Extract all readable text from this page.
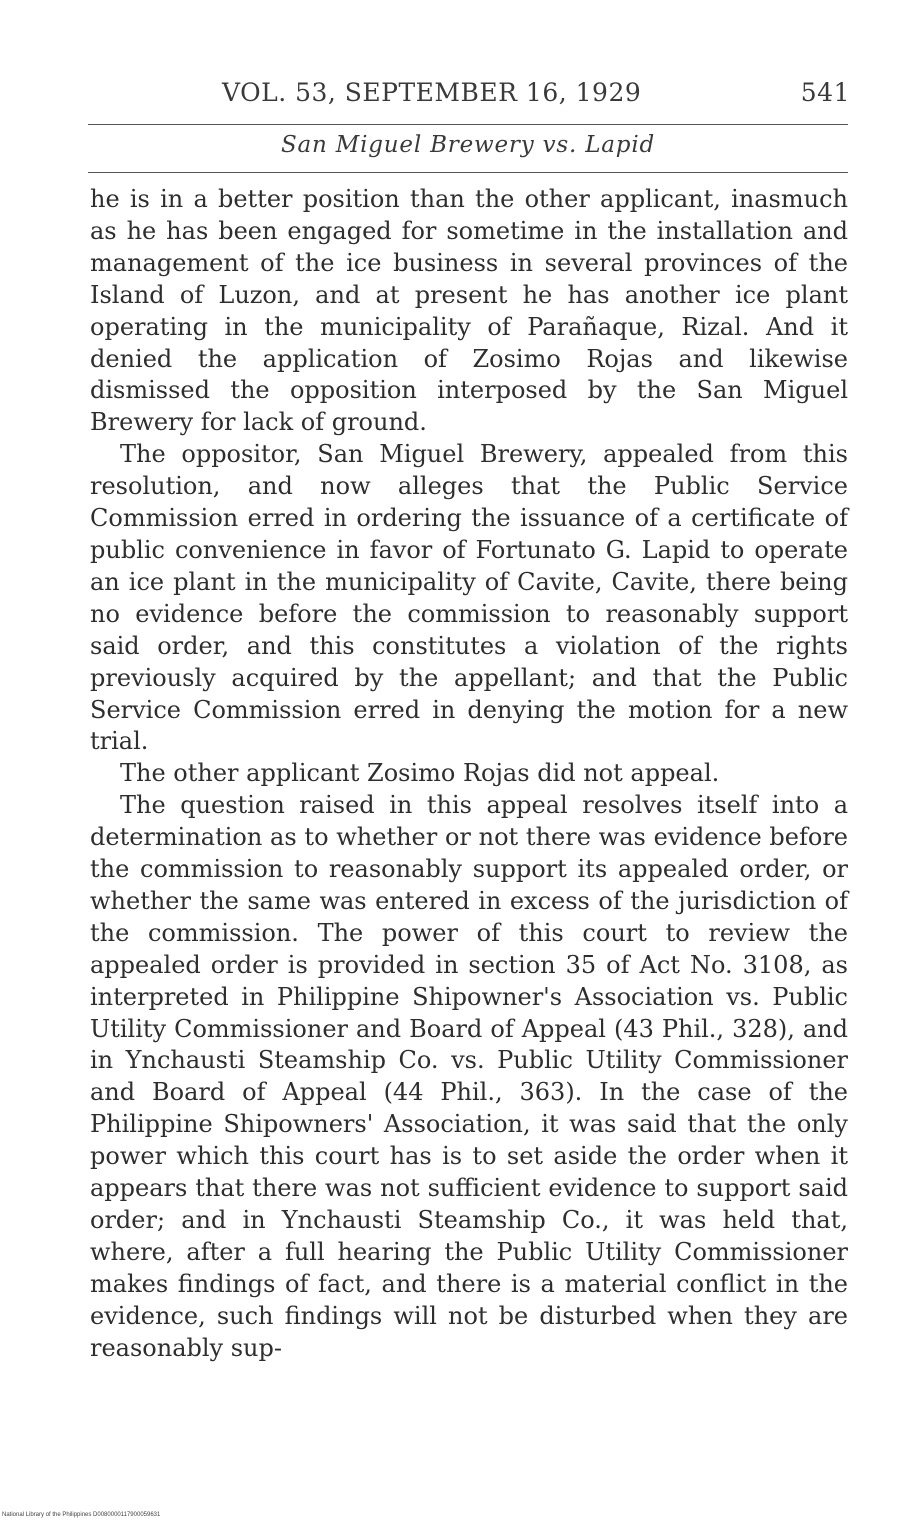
VOL. 53, SEPTEMBER 16, 1929	541
San Miguel Brewery vs. Lapid

he is in a better position than the other applicant, inasmuch as he has been engaged for sometime in the installation and management of the ice business in several provinces of the Island of Luzon, and at present he has another ice plant operating in the municipality of Parañaque, Rizal. And it denied the application of Zosimo Rojas and likewise dismissed the opposition interposed by the San Miguel Brewery for lack of ground.

The oppositor, San Miguel Brewery, appealed from this resolution, and now alleges that the Public Service Commission erred in ordering the issuance of a certificate of public convenience in favor of Fortunato G. Lapid to operate an ice plant in the municipality of Cavite, Cavite, there being no evidence before the commission to reasonably support said order, and this constitutes a violation of the rights previously acquired by the appellant; and that the Public Service Commission erred in denying the motion for a new trial.

The other applicant Zosimo Rojas did not appeal.

The question raised in this appeal resolves itself into a determination as to whether or not there was evidence before the commission to reasonably support its appealed order, or whether the same was entered in excess of the jurisdiction of the commission. The power of this court to review the appealed order is provided in section 35 of Act No. 3108, as interpreted in Philippine Shipowner's Association vs. Public Utility Commissioner and Board of Appeal (43 Phil., 328), and in Ynchausti Steamship Co. vs. Public Utility Commissioner and Board of Appeal (44 Phil., 363). In the case of the Philippine Shipowners' Association, it was said that the only power which this court has is to set aside the order when it appears that there was not sufficient evidence to support said order; and in Ynchausti Steamship Co., it was held that, where, after a full hearing the Public Utility Commissioner makes findings of fact, and there is a material conflict in the evidence, such findings will not be disturbed when they are reasonably sup-

National Library of the Philippines D0080000117900059631
